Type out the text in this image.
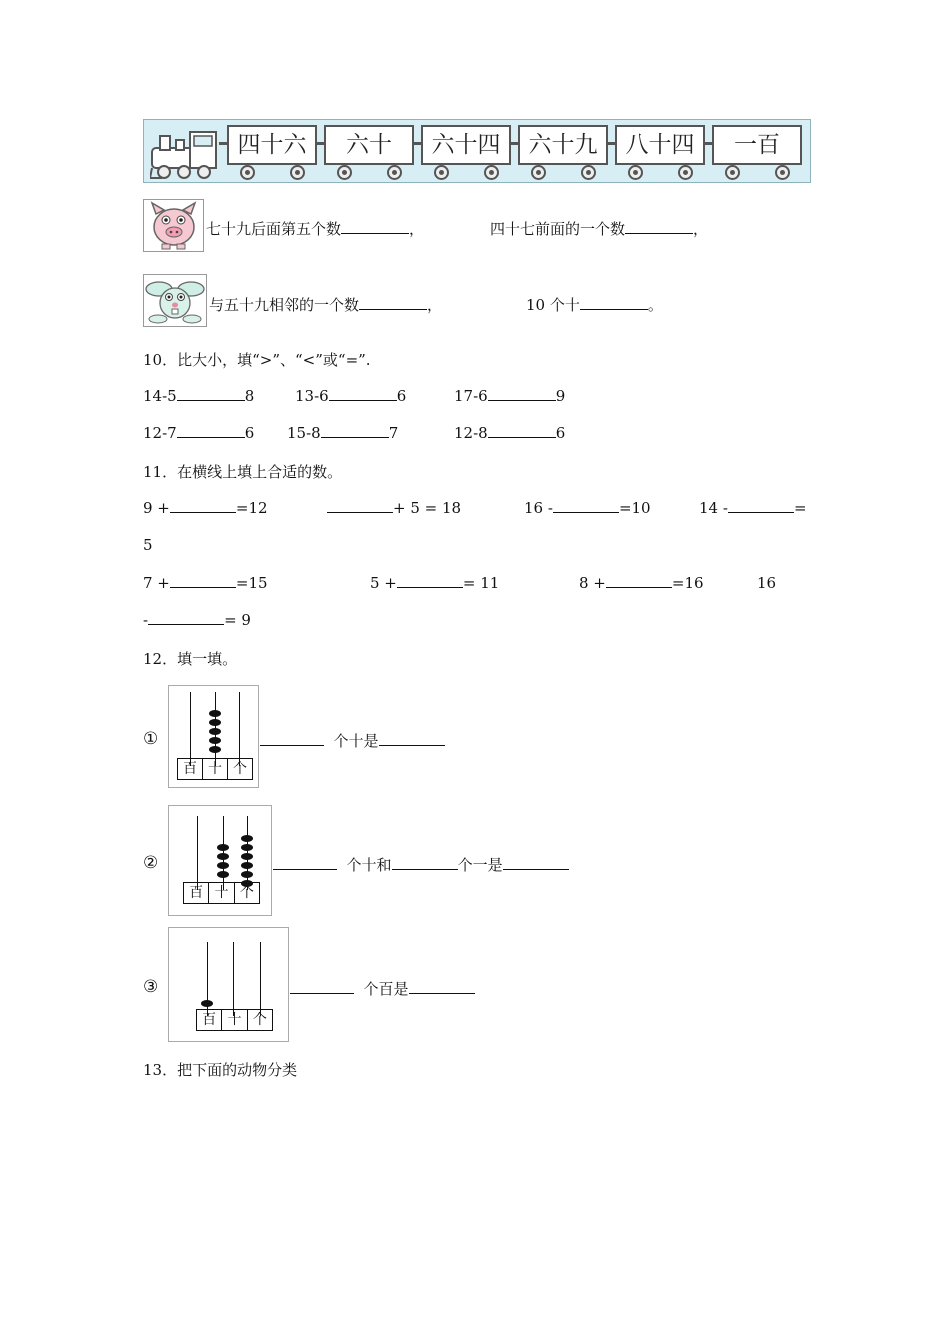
四十六	六十	六十四	六十九	八十四	一百
七十九后面第五个数	，	四十七前面的一个数	，
与五十九相邻的一个数	，	10 个十	。
10．比大小，填“>”、“<”或“=”.
14-5	8	13-6	6	17-6	9
12-7	6 15-8	7	12-8	6
11．在横线上填上合适的数。
9 +	=12	+ 5 = 18	16 -	=10	14 -	=
5
7 +	=15	5 +	= 11	8 +	=16	16
-	= 9
12．填一填。
①
百 十 个
个十是
②
百 十 个
个十和	个一是
③
百 十 个
个百是
13．把下面的动物分类
